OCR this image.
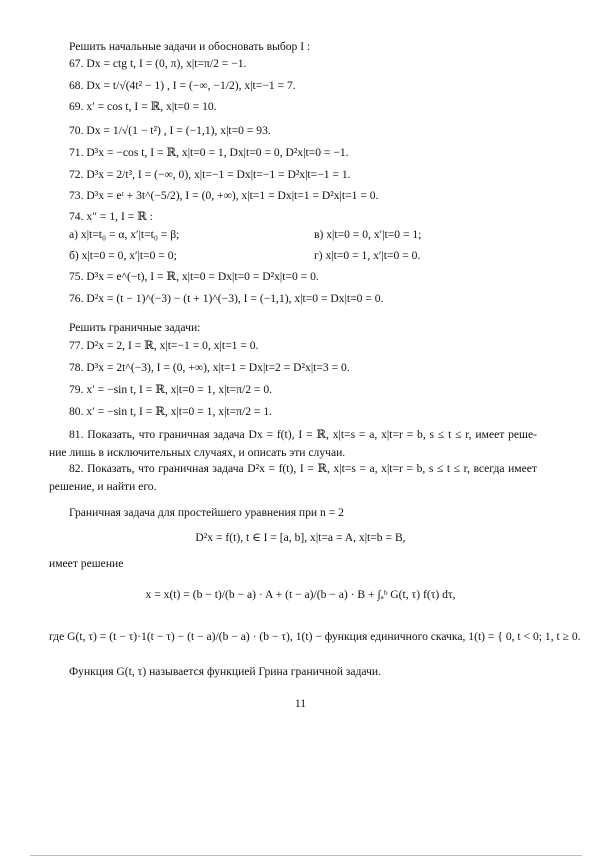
Решить начальные задачи и обосновать выбор I :
67. Dx = ctg t, I = (0, π), x|t=π/2 = −1.
68. Dx = t/√(4t² − 1) , I = (−∞, −1/2), x|t=−1 = 7.
69. x′ = cos t, I = ℝ, x|t=0 = 10.
70. Dx = 1/√(1 − t²) , I = (−1,1), x|t=0 = 93.
71. D³x = −cos t, I = ℝ, x|t=0 = 1, Dx|t=0 = 0, D²x|t=0 = −1.
72. D³x = 2/t³, I = (−∞, 0), x|t=−1 = Dx|t=−1 = D²x|t=−1 = 1.
73. D³x = eᵗ + 3t^(−5/2), I = (0, +∞), x|t=1 = Dx|t=1 = D²x|t=1 = 0.
74. x″ = 1, I = ℝ :
а) x|t=t₀ = α, x′|t=t₀ = β;	в) x|t=0 = 0, x′|t=0 = 1;
б) x|t=0 = 0, x′|t=0 = 0;	г) x|t=0 = 1, x′|t=0 = 0.
75. D³x = e^(−t), I = ℝ, x|t=0 = Dx|t=0 = D²x|t=0 = 0.
76. D²x = (t − 1)^(−3) − (t + 1)^(−3), I = (−1,1), x|t=0 = Dx|t=0 = 0.
Решить граничные задачи:
77. D²x = 2, I = ℝ, x|t=−1 = 0, x|t=1 = 0.
78. D³x = 2t^(−3), I = (0, +∞), x|t=1 = Dx|t=2 = D²x|t=3 = 0.
79. x′ = −sin t, I = ℝ, x|t=0 = 1, x|t=π/2 = 0.
80. x′ = −sin t, I = ℝ, x|t=0 = 1, x|t=π/2 = 1.
81. Показать, что граничная задача Dx = f(t), I = ℝ, x|t=s = a, x|t=r = b, s ≤ t ≤ r, имеет реше-
ние лишь в исключительных случаях, и описать эти случаи.
82. Показать, что граничная задача D²x = f(t), I = ℝ, x|t=s = a, x|t=r = b, s ≤ t ≤ r, всегда имеет
решение, и найти его.
Граничная задача для простейшего уравнения при n = 2
D²x = f(t), t ∈ I = [a, b], x|t=a = A, x|t=b = B,
имеет решение
x = x(t) = (b − t)/(b − a) · A + (t − a)/(b − a) · B + ∫ₐᵇ G(t, τ) f(τ) dτ,
где G(t, τ) = (t − τ)·1(t − τ) − (t − a)/(b − a) · (b − τ), 1(t) − функция единичного скачка, 1(t) = { 0, t < 0; 1, t ≥ 0.
Функция G(t, τ) называется функцией Грина граничной задачи.
11
